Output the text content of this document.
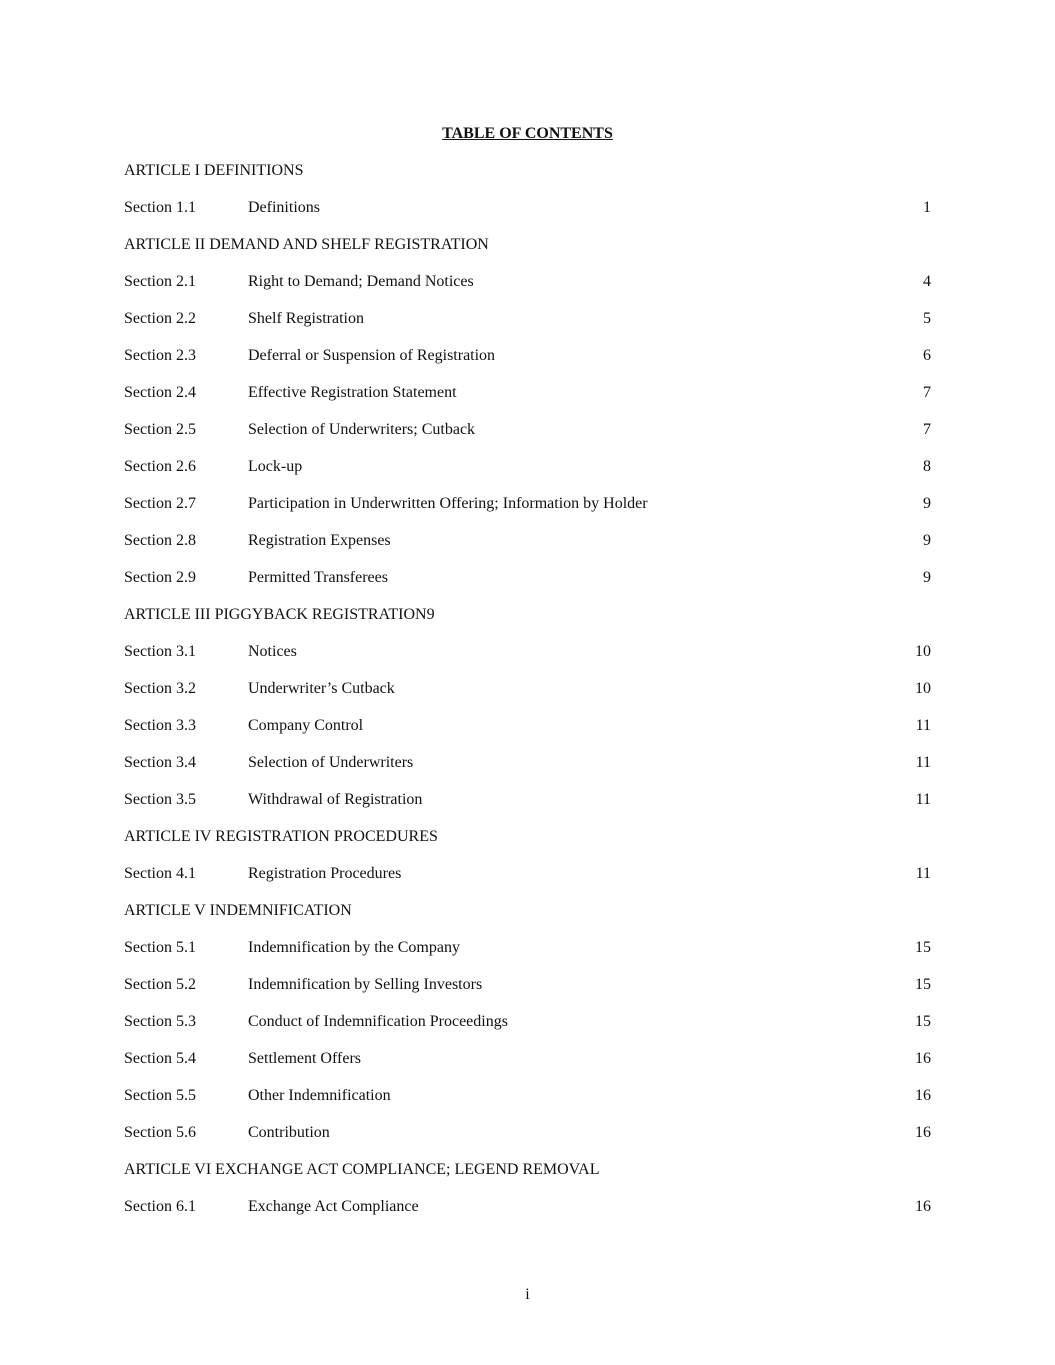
TABLE OF CONTENTS
ARTICLE I DEFINITIONS
Section 1.1	Definitions	1
ARTICLE II DEMAND AND SHELF REGISTRATION
Section 2.1	Right to Demand; Demand Notices	4
Section 2.2	Shelf Registration	5
Section 2.3	Deferral or Suspension of Registration	6
Section 2.4	Effective Registration Statement	7
Section 2.5	Selection of Underwriters; Cutback	7
Section 2.6	Lock-up	8
Section 2.7	Participation in Underwritten Offering; Information by Holder	9
Section 2.8	Registration Expenses	9
Section 2.9	Permitted Transferees	9
ARTICLE III PIGGYBACK REGISTRATION9
Section 3.1	Notices	10
Section 3.2	Underwriter’s Cutback	10
Section 3.3	Company Control	11
Section 3.4	Selection of Underwriters	11
Section 3.5	Withdrawal of Registration	11
ARTICLE IV REGISTRATION PROCEDURES
Section 4.1	Registration Procedures	11
ARTICLE V INDEMNIFICATION
Section 5.1	Indemnification by the Company	15
Section 5.2	Indemnification by Selling Investors	15
Section 5.3	Conduct of Indemnification Proceedings	15
Section 5.4	Settlement Offers	16
Section 5.5	Other Indemnification	16
Section 5.6	Contribution	16
ARTICLE VI EXCHANGE ACT COMPLIANCE; LEGEND REMOVAL
Section 6.1	Exchange Act Compliance	16
i
